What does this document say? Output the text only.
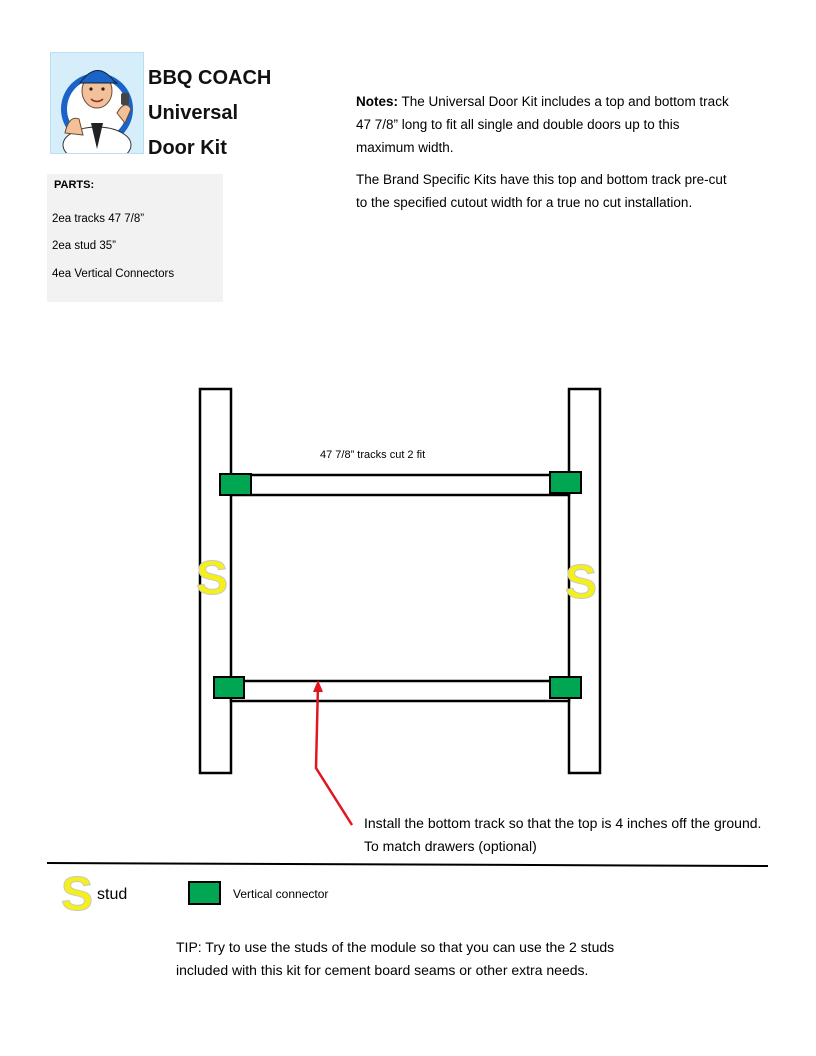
BBQ COACH
Universal
Door Kit
PARTS:
2ea tracks 47 7/8”
2ea stud 35”
4ea Vertical Connectors
Notes: The Universal Door Kit includes a top and bottom track 47 7/8” long to fit all single and double doors up to this maximum width.
The Brand Specific Kits have this top and bottom track pre-cut to the specified cutout width for a true no cut installation.
S	S
S
47 7/8” tracks cut 2 fit
Install the bottom track so that the top is 4 inches off the ground. To match drawers (optional)
stud	Vertical connector
TIP: Try to use the studs of the module so that you can use the 2 studs included with this kit for cement board seams or other extra needs.
